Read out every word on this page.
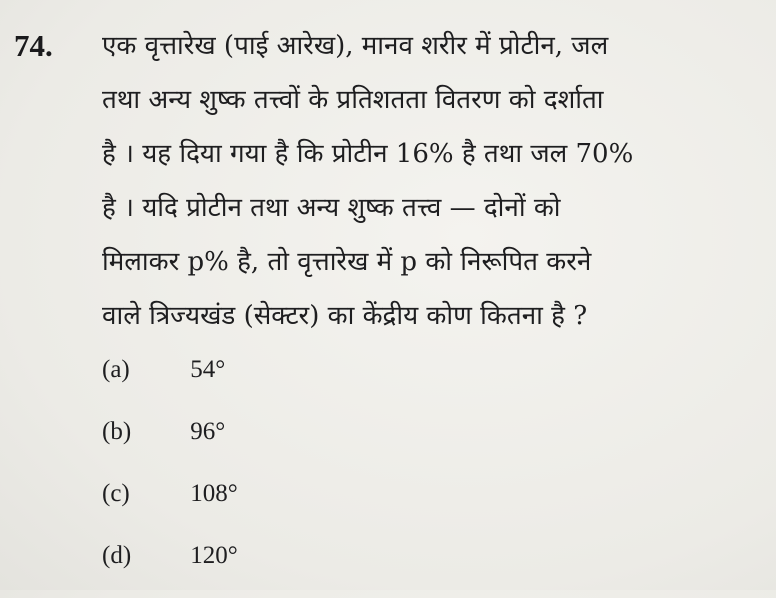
74. एक वृत्तारेख (पाई आरेख), मानव शरीर में प्रोटीन, जल
तथा अन्य शुष्क तत्त्वों के प्रतिशतता वितरण को दर्शाता
है । यह दिया गया है कि प्रोटीन 16% है तथा जल 70%
है । यदि प्रोटीन तथा अन्य शुष्क तत्त्व — दोनों को
मिलाकर p% है, तो वृत्तारेख में p को निरूपित करने
वाले त्रिज्यखंड (सेक्टर) का केंद्रीय कोण कितना है ?
(a) 54°
(b) 96°
(c) 108°
(d) 120°
